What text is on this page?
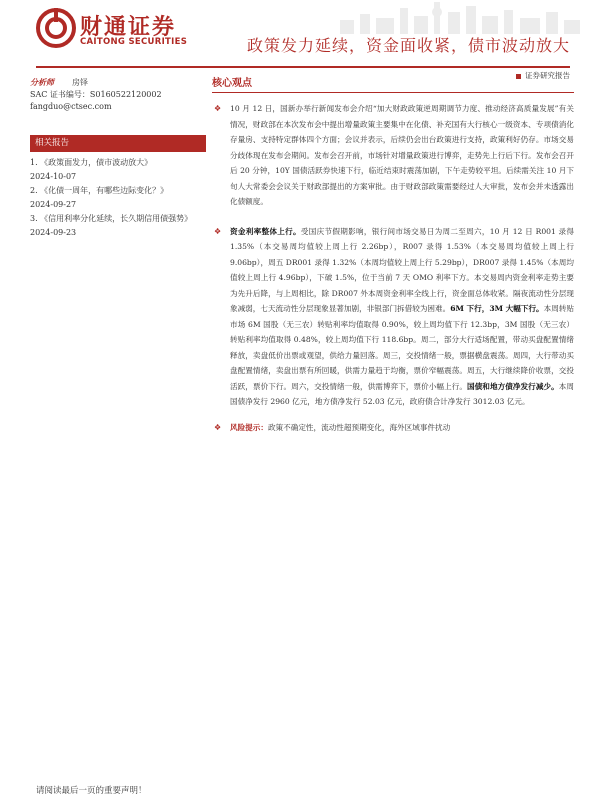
财通证券
CAITONG SECURITIES	政策发力延续，资金面收紧，债市波动放大
证券研究报告
分析师 房铎
SAC 证书编号：S0160522120002
fangduo@ctsec.com
相关报告
1. 《政策面发力，债市波动放大》
2024-10-07
2. 《化债一周年，有哪些边际变化？》
2024-09-27
3. 《信用利率分化延续，长久期信用债强势》
2024-09-23
核心观点
❖ 10 月 12 日，国新办举行新闻发布会介绍“加大财政政策逆周期调节力度、推动经济高质量发展”有关情况，财政部在本次发布会中提出增量政策主要集中在化债、补充国有大行核心一级资本、专项债消化存量房、支持特定群体四个方面；会议并表示，后续仍会出台政策进行支持，政策利好仍存。市场交易分歧体现在发布会期间。发布会召开前，市场针对增量政策进行博弈，走势先上行后下行。发布会召开后 20 分钟，10Y 国债活跃券快速下行，临近结束时震荡加剧，下午走势较平坦。后续需关注 10 月下旬人大常委会会议关于财政部提出的方案审批。由于财政部政策需要经过人大审批，发布会并未透露出化债额度。
❖ 资金利率整体上行。受国庆节假期影响，银行间市场交易日为周二至周六，10 月 12 日 R001 录得 1.35%（本交易周均值较上周上行 2.26bp），R007 录得 1.53%（本交易周均值较上周上行 9.06bp），周五 DR001 录得 1.32%（本周均值较上周上行 5.29bp），DR007 录得 1.45%（本周均值较上周上行 4.96bp），下破 1.5%，位于当前 7 天 OMO 利率下方。本交易周内资金利率走势主要为先升后降，与上周相比，除 DR007 外本周资金利率全线上行，资金面总体收紧。隔夜流动性分层现象减弱，七天流动性分层现象显著加剧，非银部门拆借较为困难。6M 下行，3M 大幅下行。本周转贴市场 6M 国股（无三农）转贴利率均值取得 0.90%，较上周均值下行 12.3bp，3M 国股（无三农）转贴利率均值取得 0.48%，较上周均值下行 118.6bp。周二，部分大行适场配置，带动买盘配置情绪释放，卖盘低价出票或观望，供给力量回落。周三，交投情绪一般，票据横盘震荡。周四，大行带动买盘配置情绪，卖盘出票有所回暖，供需力量趋于均衡，票价窄幅震荡。周五，大行继续降价收票，交投活跃，票价下行。周六，交投情绪一般，供需博弈下，票价小幅上行。国债和地方债净发行减少。本周国债净发行 2960 亿元，地方债净发行 52.03 亿元，政府债合计净发行 3012.03 亿元。
❖ 风险提示：政策不确定性，流动性超预期变化，海外区域事件扰动
请阅读最后一页的重要声明！
